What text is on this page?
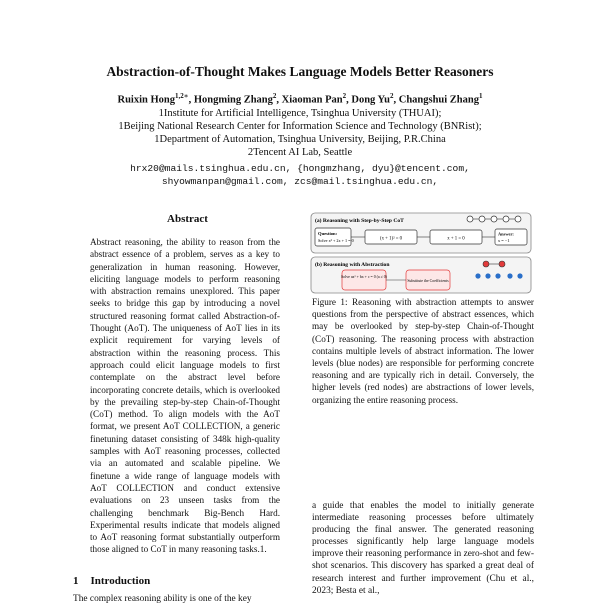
Abstraction-of-Thought Makes Language Models Better Reasoners
Ruixin Hong$^{1,2∗}$, Hongming Zhang$^2$, Xiaoman Pan$^2$, Dong Yu$^2$, Changshui Zhang$^1$
1Institute for Artificial Intelligence, Tsinghua University (THUAI);
1Beijing National Research Center for Information Science and Technology (BNRist);
1Department of Automation, Tsinghua University, Beijing, P.R.China
2Tencent AI Lab, Seattle
hrx20@mails.tsinghua.edu.cn, {hongmzhang, dyu}@tencent.com,
shyowmanpan@gmail.com, zcs@mail.tsinghua.edu.cn,
Abstract
Abstract reasoning, the ability to reason from the abstract essence of a problem, serves as a key to generalization in human reasoning. However, eliciting language models to perform reasoning with abstraction remains unexplored. This paper seeks to bridge this gap by introducing a novel structured reasoning format called Abstraction-of-Thought (AoT). The uniqueness of AoT lies in its explicit requirement for varying levels of abstraction within the reasoning process. This approach could elicit language models to first contemplate on the abstract level before incorporating concrete details, which is overlooked by the prevailing step-by-step Chain-of-Thought (CoT) method. To align models with the AoT format, we present AoT COLLECTION, a generic finetuning dataset consisting of 348k high-quality samples with AoT reasoning processes, collected via an automated and scalable pipeline. We finetune a wide range of language models with AoT COLLECTION and conduct extensive evaluations on 23 unseen tasks from the challenging benchmark Big-Bench Hard. Experimental results indicate that models aligned to AoT reasoning format substantially outperform those aligned to CoT in many reasoning tasks.1.
1 Introduction
The complex reasoning ability is one of the key
(a) Reasoning with Step-by-Step CoT
Question:
Solve x² + 2x + 1 = 0	(x + 1)² = 0	x + 1 = 0
Answer:
x = −1
(b) Reasoning with Abstraction
Solve ax² + bx + c = 0 (a ≠ 0)
Substitute the Coefficients
Figure 1: Reasoning with abstraction attempts to answer questions from the perspective of abstract essences, which may be overlooked by step-by-step Chain-of-Thought (CoT) reasoning. The reasoning process with abstraction contains multiple levels of abstract information. The lower levels (blue nodes) are responsible for performing concrete reasoning and are typically rich in detail. Conversely, the higher levels (red nodes) are abstractions of lower levels, organizing the entire reasoning process.
a guide that enables the model to initially generate intermediate reasoning processes before ultimately producing the final answer. The generated reasoning processes significantly help large language models improve their reasoning performance in zero-shot and few-shot scenarios. This discovery has sparked a great deal of research interest and further improvement (Chu et al., 2023; Besta et al.,
